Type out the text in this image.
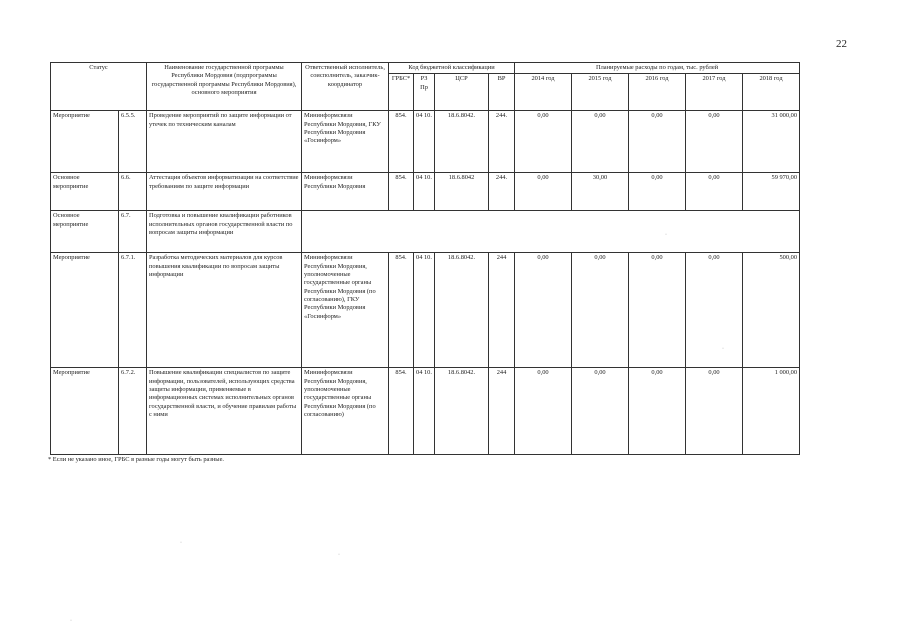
22
Статус		Наименование государственной программы Республики Мордовия (подпрограммы государственной программы Республики Мордовия), основного мероприятия	Ответственный исполнитель, соисполнитель, заказчик-координатор	Код бюджетной классификации				Планируемые расходы по годам, тыс. рублей				
				ГРБС*	РЗ Пр	ЦСР	ВР	2014 год	2015 год	2016 год	2017 год	2018 год
Мероприятие	6.5.5.	Проведение мероприятий по защите информации от утечек по техническим каналам	Мининформсвязи Республики Мордовия, ГКУ Республики Мордовия «Госинформ»	854.	04 10.	18.6.8042.	244.	0,00	0,00	0,00	0,00	31 000,00
Основное мероприятие	6.6.	Аттестация объектов информатизации на соответствие требованиям по защите информации	Мининформсвязи Республики Мордовия	854.	04 10.	18.6.8042	244.	0,00	30,00	0,00	0,00	59 970,00
Основное мероприятие	6.7.	Подготовка и повышение квалификации работников исполнительных органов государственной власти по вопросам защиты информации										
Мероприятие	6.7.1.	Разработка методических материалов для курсов повышения квалификации по вопросам защиты информации	Мининформсвязи Республики Мордовия, уполномоченные государственные органы Республики Мордовия (по согласованию), ГКУ Республики Мордовия «Госинформ»	854.	04 10.	18.6.8042.	244	0,00	0,00	0,00	0,00	500,00
Мероприятие	6.7.2.	Повышение квалификации специалистов по защите информации, пользователей, использующих средства защиты информации, применяемые в информационных системах исполнительных органов государственной власти, и обучение правилам работы с ними	Мининформсвязи Республики Мордовия, уполномоченные государственные органы Республики Мордовия (по согласованию)	854.	04 10.	18.6.8042.	244	0,00	0,00	0,00	0,00	1 000,00
* Если не указано иное, ГРБС в разные годы могут быть разные.
·
·
·
·
·
